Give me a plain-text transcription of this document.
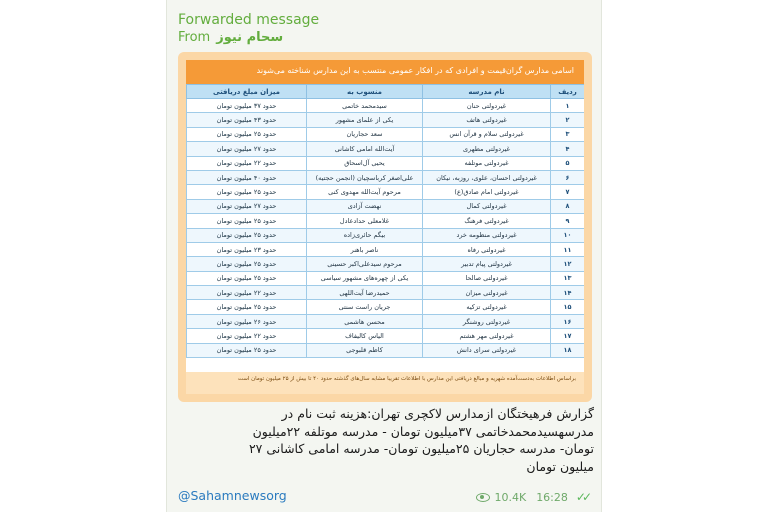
Forwarded message
From سحام نیوز
اسامی مدارس گران‌قیمت و افرادی که در افکار عمومی منتسب به این مدارس شناخته می‌شوند
ردیف	نام مدرسه	منسوب به	میزان مبلغ دریافتی
۱	غیردولتی حنان	سیدمحمد خاتمی	حدود ۳۷ میلیون تومان
۲	غیردولتی هاتف	یکی از علمای مشهور	حدود ۴۳ میلیون تومان
۳	غیردولتی سلام و قرآن انس	سعد حجاریان	حدود ۲۵ میلیون تومان
۴	غیردولتی مطهری	آیت‌الله امامی کاشانی	حدود ۲۷ میلیون تومان
۵	غیردولتی موتلفه	یحیی آل‌اسحاق	حدود ۲۲ میلیون تومان
۶	غیردولتی احسان، علوی، روزبه، نیکان	علی‌اصغر کرباسچیان (انجمن حجتیه)	حدود ۴۰ میلیون تومان
۷	غیردولتی امام صادق(ع)	مرحوم آیت‌الله مهدوی کنی	حدود ۲۵ میلیون تومان
۸	غیردولتی کمال	نهضت آزادی	حدود ۲۷ میلیون تومان
۹	غیردولتی فرهنگ	غلامعلی حدادعادل	حدود ۲۵ میلیون تومان
۱۰	غیردولتی منظومه خرد	بیگم حائری‌زاده	حدود ۲۵ میلیون تومان
۱۱	غیردولتی رفاه	ناصر باهنر	حدود ۲۳ میلیون تومان
۱۲	غیردولتی پیام تدبیر	مرحوم سیدعلی‌اکبر حسینی	حدود ۲۵ میلیون تومان
۱۳	غیردولتی صالحا	یکی از چهره‌های مشهور سیاسی	حدود ۲۵ میلیون تومان
۱۴	غیردولتی میزان	حمیدرضا آیت‌اللهی	حدود ۲۲ میلیون تومان
۱۵	غیردولتی تزکیه	جریان راست سنتی	حدود ۲۵ میلیون تومان
۱۶	غیردولتی روشنگر	محسن هاشمی	حدود ۲۶ میلیون تومان
۱۷	غیردولتی مهر هشتم	الیاس کالیفاف	حدود ۲۲ میلیون تومان
۱۸	غیردولتی سرای دانش	کاظم قلبوجی	حدود ۲۵ میلیون تومان
براساس اطلاعات به‌دست‌آمده شهریه و مبالغ دریافتی این مدارس با اطلاعات تقریبا مشابه سال‌های گذشته حدود ۴۰ تا بیش از ۲۵ میلیون تومان است

گزارش فرهیختگان ازمدارس لاکچری تهران:هزینه ثبت نام در

مدرسهسیدمحمدخاتمی ۳۷میلیون تومان - مدرسه موتلفه ۲۲میلیون

تومان- مدرسه حجاریان ۲۵میلیون تومان- مدرسه امامی کاشانی ۲۷

میلیون تومان

@Sahamnewsorg	10.4K 16:28 ✓✓
